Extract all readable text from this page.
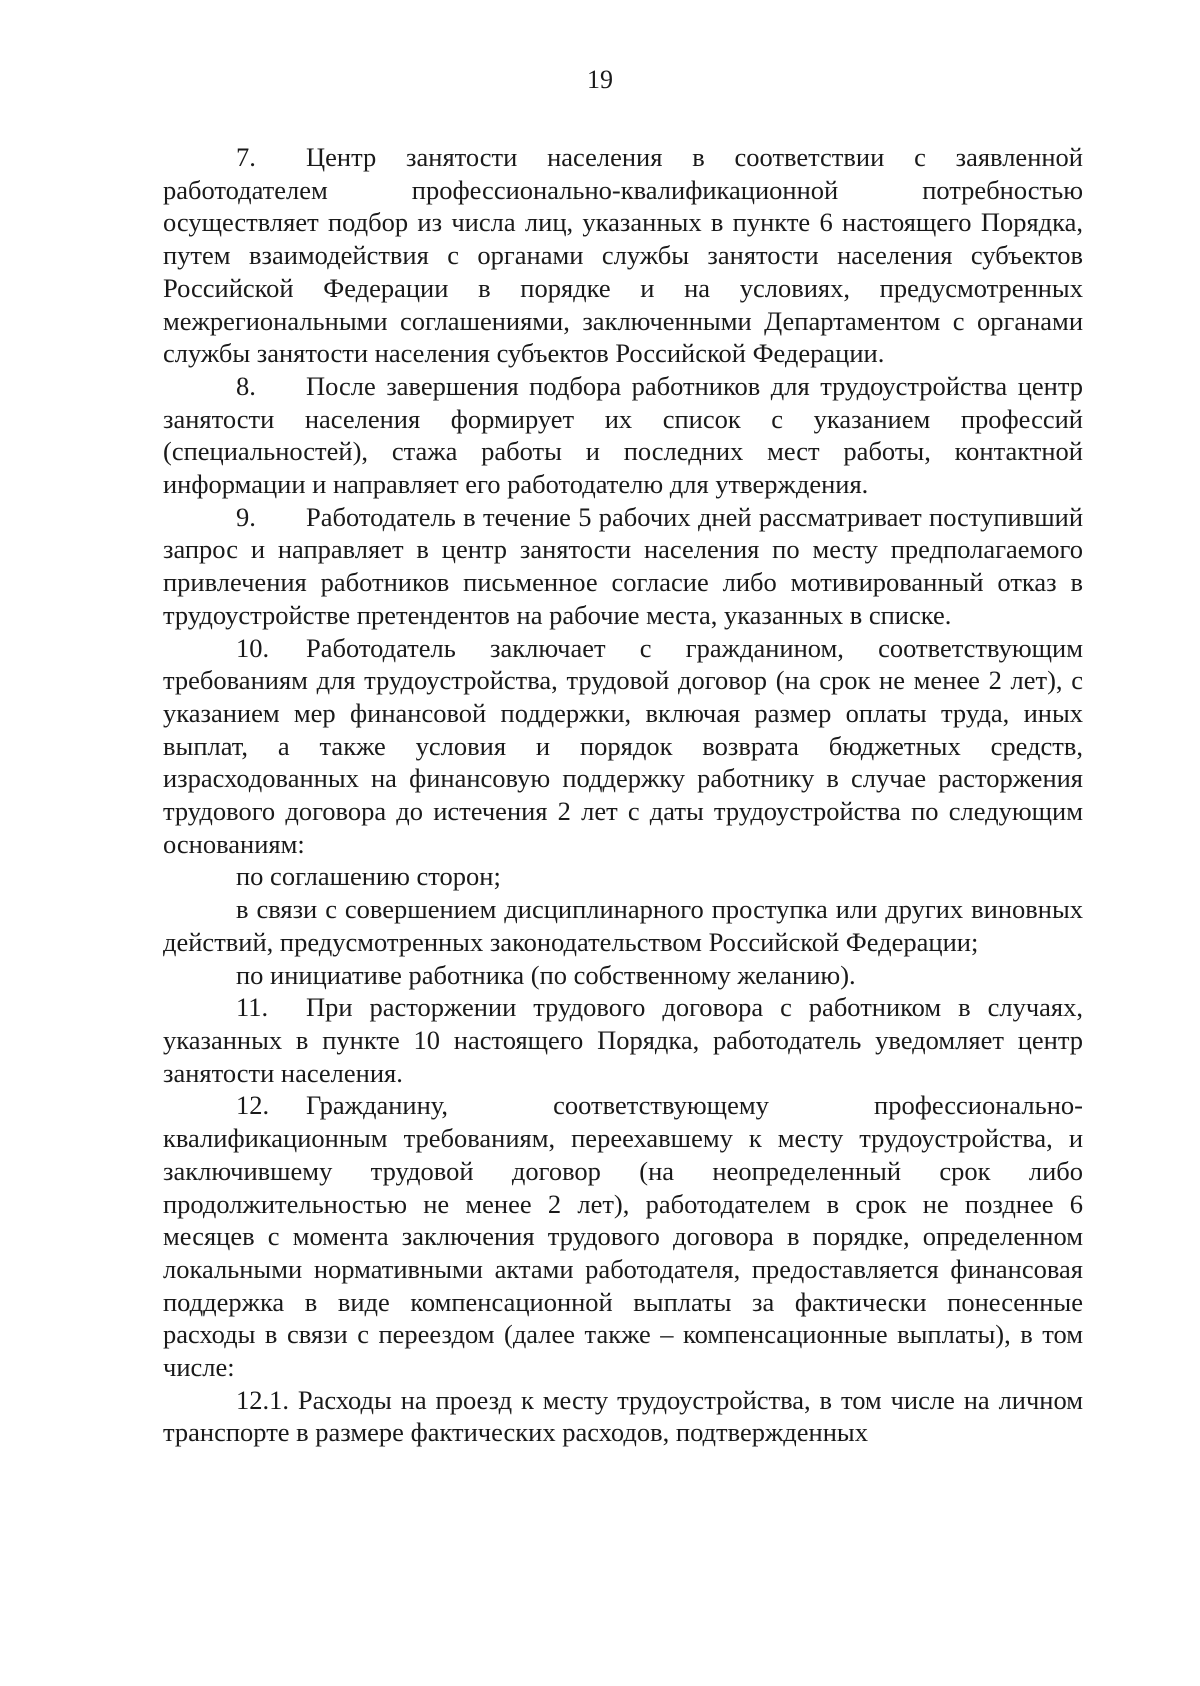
19

7. Центр занятости населения в соответствии с заявленной работодателем профессионально-квалификационной потребностью осуществляет подбор из числа лиц, указанных в пункте 6 настоящего Порядка, путем взаимодействия с органами службы занятости населения субъектов Российской Федерации в порядке и на условиях, предусмотренных межрегиональными соглашениями, заключенными Департаментом с органами службы занятости населения субъектов Российской Федерации.

8. После завершения подбора работников для трудоустройства центр занятости населения формирует их список с указанием профессий (специальностей), стажа работы и последних мест работы, контактной информации и направляет его работодателю для утверждения.

9. Работодатель в течение 5 рабочих дней рассматривает поступивший запрос и направляет в центр занятости населения по месту предполагаемого привлечения работников письменное согласие либо мотивированный отказ в трудоустройстве претендентов на рабочие места, указанных в списке.

10. Работодатель заключает с гражданином, соответствующим требованиям для трудоустройства, трудовой договор (на срок не менее 2 лет), с указанием мер финансовой поддержки, включая размер оплаты труда, иных выплат, а также условия и порядок возврата бюджетных средств, израсходованных на финансовую поддержку работнику в случае расторжения трудового договора до истечения 2 лет с даты трудоустройства по следующим основаниям:

по соглашению сторон;

в связи с совершением дисциплинарного проступка или других виновных действий, предусмотренных законодательством Российской Федерации;

по инициативе работника (по собственному желанию).

11. При расторжении трудового договора с работником в случаях, указанных в пункте 10 настоящего Порядка, работодатель уведомляет центр занятости населения.

12. Гражданину, соответствующему профессионально-квалификационным требованиям, переехавшему к месту трудоустройства, и заключившему трудовой договор (на неопределенный срок либо продолжительностью не менее 2 лет), работодателем в срок не позднее 6 месяцев с момента заключения трудового договора в порядке, определенном локальными нормативными актами работодателя, предоставляется финансовая поддержка в виде компенсационной выплаты за фактически понесенные расходы в связи с переездом (далее также – компенсационные выплаты), в том числе:

12.1. Расходы на проезд к месту трудоустройства, в том числе на личном транспорте в размере фактических расходов, подтвержденных
